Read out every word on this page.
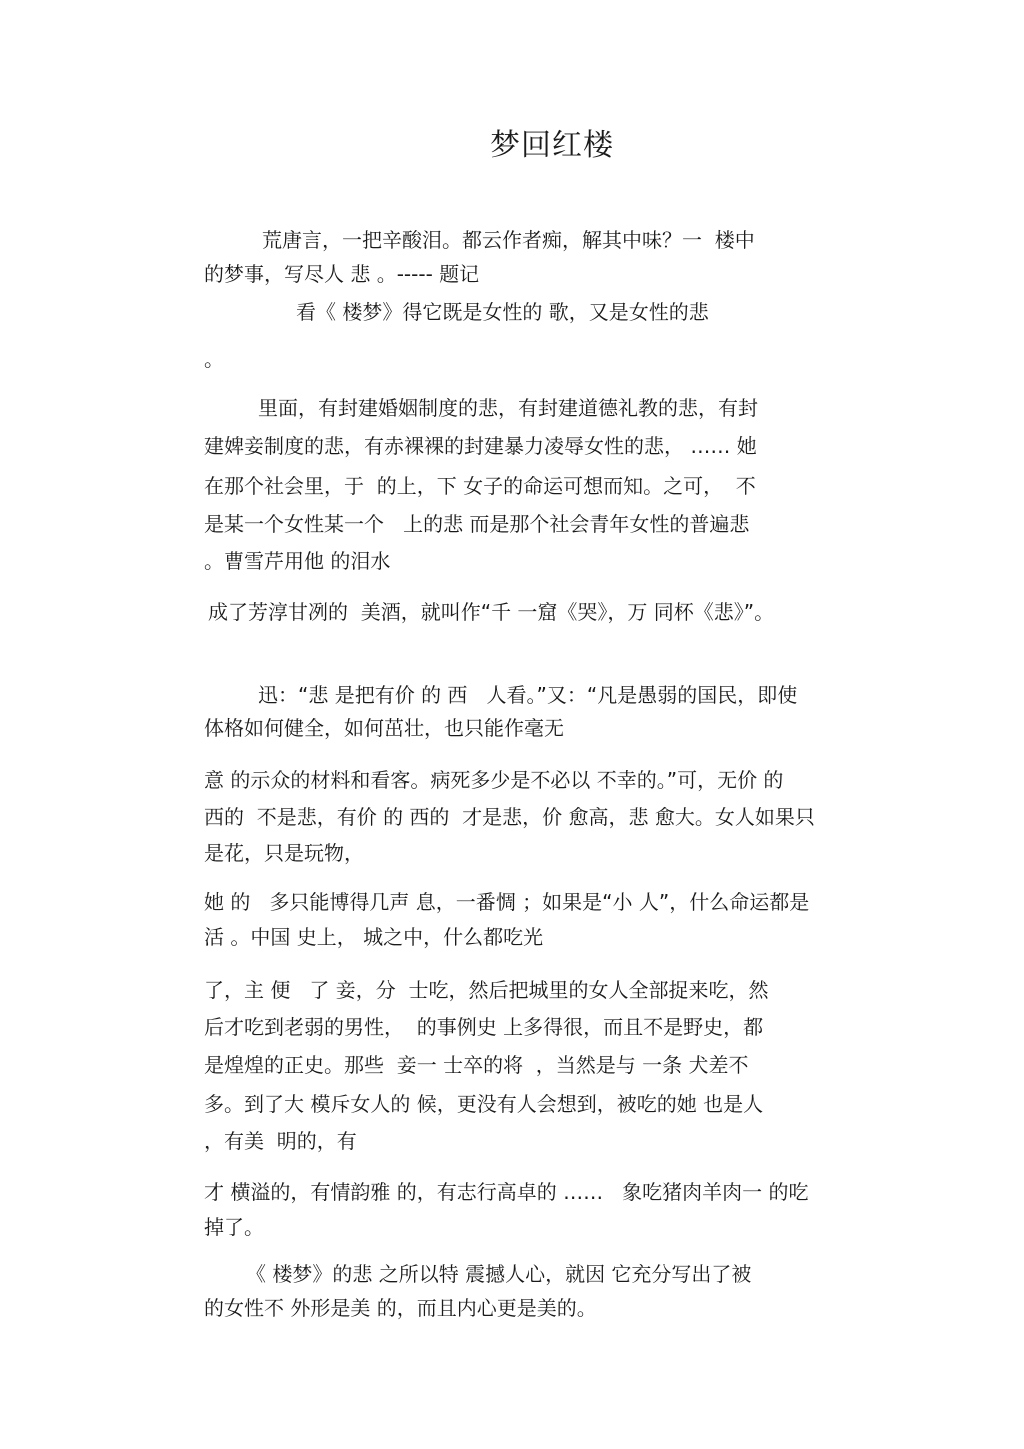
梦回红楼
荒唐言，一把辛酸泪。都云作者痴，解其中味？一  楼中
的梦事，写尽人 悲 。----- 题记
看《 楼梦》得它既是女性的 歌，又是女性的悲
。
里面，有封建婚姻制度的悲，有封建道德礼教的悲，有封
建婢妾制度的悲，有赤裸裸的封建暴力凌辱女性的悲， …… 她
在那个社会里，于  的上，下 女子的命运可想而知。之可，  不
是某一个女性某一个   上的悲 而是那个社会青年女性的普遍悲
。曹雪芹用他 的泪水
成了芳淳甘冽的  美酒，就叫作“千 一窟《哭》，万 同杯《悲》”。
迅：“悲 是把有价 的 西   人看。”又：“凡是愚弱的国民，即使
体格如何健全，如何茁壮，也只能作毫无
意 的示众的材料和看客。病死多少是不必以 不幸的。”可，无价 的
西的  不是悲，有价 的 西的  才是悲，价 愈高，悲 愈大。女人如果只
是花，只是玩物，
她 的   多只能博得几声 息，一番惆 ；如果是“小 人”，什么命运都是
活 。中国 史上， 城之中，什么都吃光
了，主 便   了 妾，分  士吃，然后把城里的女人全部捉来吃，然
后才吃到老弱的男性，  的事例史 上多得很，而且不是野史，都
是煌煌的正史。那些  妾一 士卒的将  ，当然是与 一条 犬差不
多。到了大 模斥女人的 候，更没有人会想到，被吃的她 也是人
，有美  明的，有
才 横溢的，有情韵雅 的，有志行高卓的 ……   象吃猪肉羊肉一 的吃
掉了。
《 楼梦》的悲 之所以特 震撼人心，就因 它充分写出了被
的女性不 外形是美 的，而且内心更是美的。
